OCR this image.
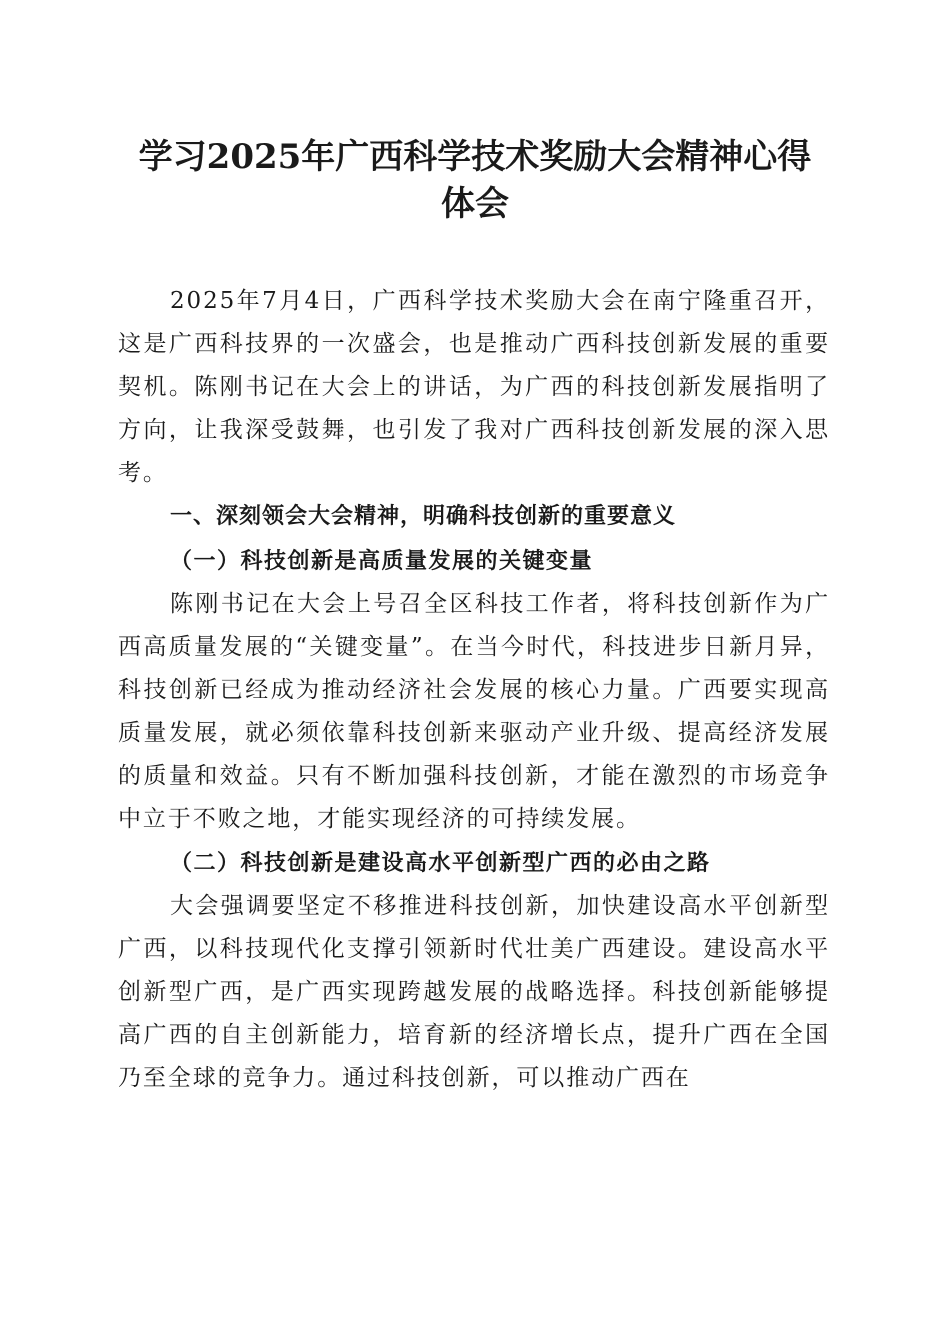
学习2025年广西科学技术奖励大会精神心得
体会

2025年7月4日，广西科学技术奖励大会在南宁隆重召开，这是广西科技界的一次盛会，也是推动广西科技创新发展的重要契机。陈刚书记在大会上的讲话，为广西的科技创新发展指明了方向，让我深受鼓舞，也引发了我对广西科技创新发展的深入思考。

一、深刻领会大会精神，明确科技创新的重要意义

（一）科技创新是高质量发展的关键变量

陈刚书记在大会上号召全区科技工作者，将科技创新作为广西高质量发展的“关键变量”。在当今时代，科技进步日新月异，科技创新已经成为推动经济社会发展的核心力量。广西要实现高质量发展，就必须依靠科技创新来驱动产业升级、提高经济发展的质量和效益。只有不断加强科技创新，才能在激烈的市场竞争中立于不败之地，才能实现经济的可持续发展。

（二）科技创新是建设高水平创新型广西的必由之路

大会强调要坚定不移推进科技创新，加快建设高水平创新型广西，以科技现代化支撑引领新时代壮美广西建设。建设高水平创新型广西，是广西实现跨越发展的战略选择。科技创新能够提高广西的自主创新能力，培育新的经济增长点，提升广西在全国乃至全球的竞争力。通过科技创新，可以推动广西在
